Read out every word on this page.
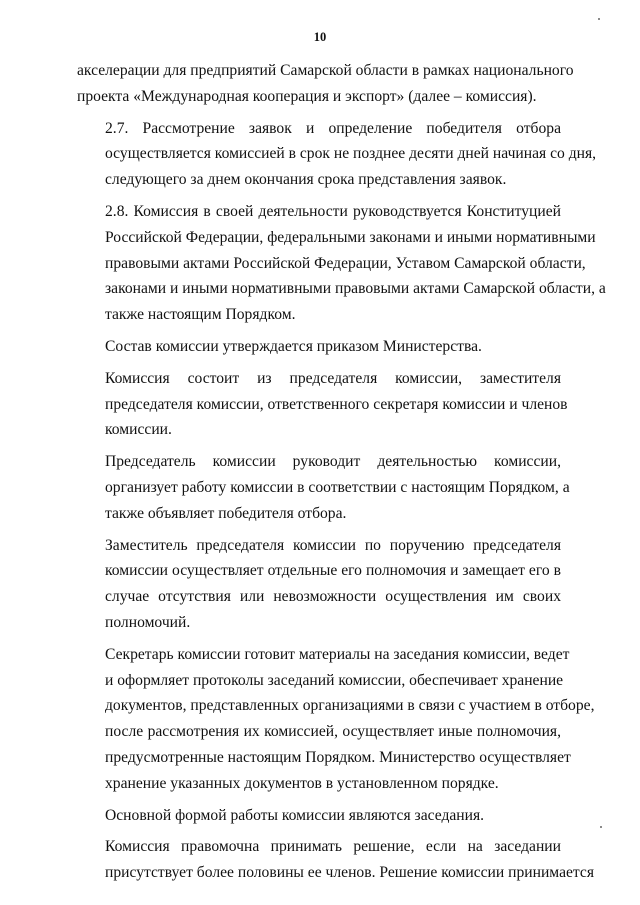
10

акселерации для предприятий Самарской области в рамках национального
проекта «Международная кооперация и экспорт» (далее – комиссия).

2.7. Рассмотрение заявок и определение победителя отбора
осуществляется комиссией в срок не позднее десяти дней начиная со дня,
следующего за днем окончания срока представления заявок.

2.8. Комиссия в своей деятельности руководствуется Конституцией
Российской Федерации, федеральными законами и иными нормативными
правовыми актами Российской Федерации, Уставом Самарской области,
законами и иными нормативными правовыми актами Самарской области, а
также настоящим Порядком.

Состав комиссии утверждается приказом Министерства.

Комиссия состоит из председателя комиссии, заместителя
председателя комиссии, ответственного секретаря комиссии и членов
комиссии.

Председатель комиссии руководит деятельностью комиссии,
организует работу комиссии в соответствии с настоящим Порядком, а
также объявляет победителя отбора.

Заместитель председателя комиссии по поручению председателя
комиссии осуществляет отдельные его полномочия и замещает его в
случае отсутствия или невозможности осуществления им своих
полномочий.

Секретарь комиссии готовит материалы на заседания комиссии, ведет
и оформляет протоколы заседаний комиссии, обеспечивает хранение
документов, представленных организациями в связи с участием в отборе,
после рассмотрения их комиссией, осуществляет иные полномочия,
предусмотренные настоящим Порядком. Министерство осуществляет
хранение указанных документов в установленном порядке.

Основной формой работы комиссии являются заседания.

Комиссия правомочна принимать решение, если на заседании
присутствует более половины ее членов. Решение комиссии принимается
